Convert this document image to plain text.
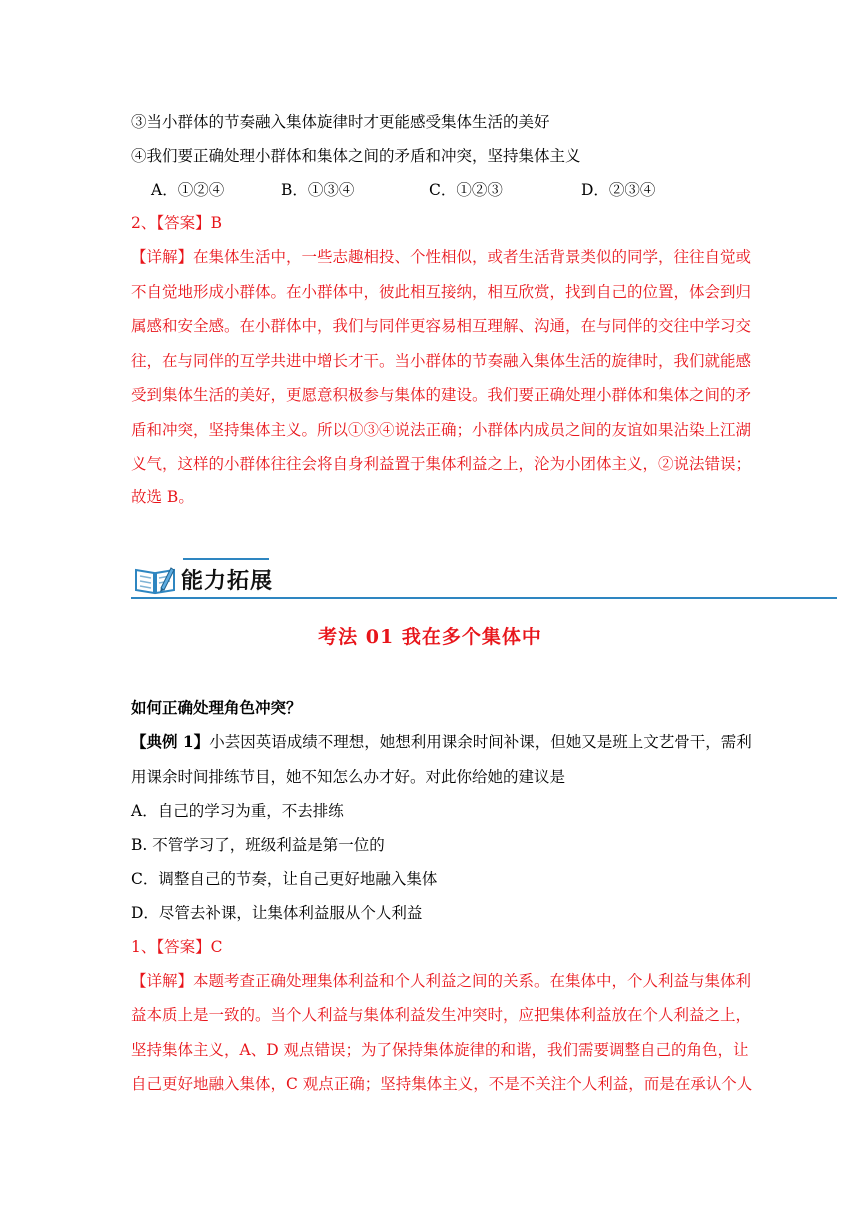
③当小群体的节奏融入集体旋律时才更能感受集体生活的美好
④我们要正确处理小群体和集体之间的矛盾和冲突，坚持集体主义
A．①②④	B．①③④	C．①②③	D．②③④
2、【答案】B
【详解】在集体生活中，一些志趣相投、个性相似，或者生活背景类似的同学，往往自觉或
不自觉地形成小群体。在小群体中，彼此相互接纳，相互欣赏，找到自己的位置，体会到归
属感和安全感。在小群体中，我们与同伴更容易相互理解、沟通，在与同伴的交往中学习交
往，在与同伴的互学共进中增长才干。当小群体的节奏融入集体生活的旋律时，我们就能感
受到集体生活的美好，更愿意积极参与集体的建设。我们要正确处理小群体和集体之间的矛
盾和冲突，坚持集体主义。所以①③④说法正确；小群体内成员之间的友谊如果沾染上江湖
义气，这样的小群体往往会将自身利益置于集体利益之上，沦为小团体主义，②说法错误；
故选 B。
能力拓展
考法 01 我在多个集体中
如何正确处理角色冲突？
【典例 1】小芸因英语成绩不理想，她想利用课余时间补课，但她又是班上文艺骨干，需利
用课余时间排练节目，她不知怎么办才好。对此你给她的建议是
A．自己的学习为重，不去排练
B. 不管学习了，班级利益是第一位的
C．调整自己的节奏，让自己更好地融入集体
D．尽管去补课，让集体利益服从个人利益
1、【答案】C
【详解】本题考查正确处理集体利益和个人利益之间的关系。在集体中，个人利益与集体利
益本质上是一致的。当个人利益与集体利益发生冲突时，应把集体利益放在个人利益之上，
坚持集体主义，A、D 观点错误；为了保持集体旋律的和谐，我们需要调整自己的角色，让
自己更好地融入集体，C 观点正确；坚持集体主义，不是不关注个人利益，而是在承认个人
